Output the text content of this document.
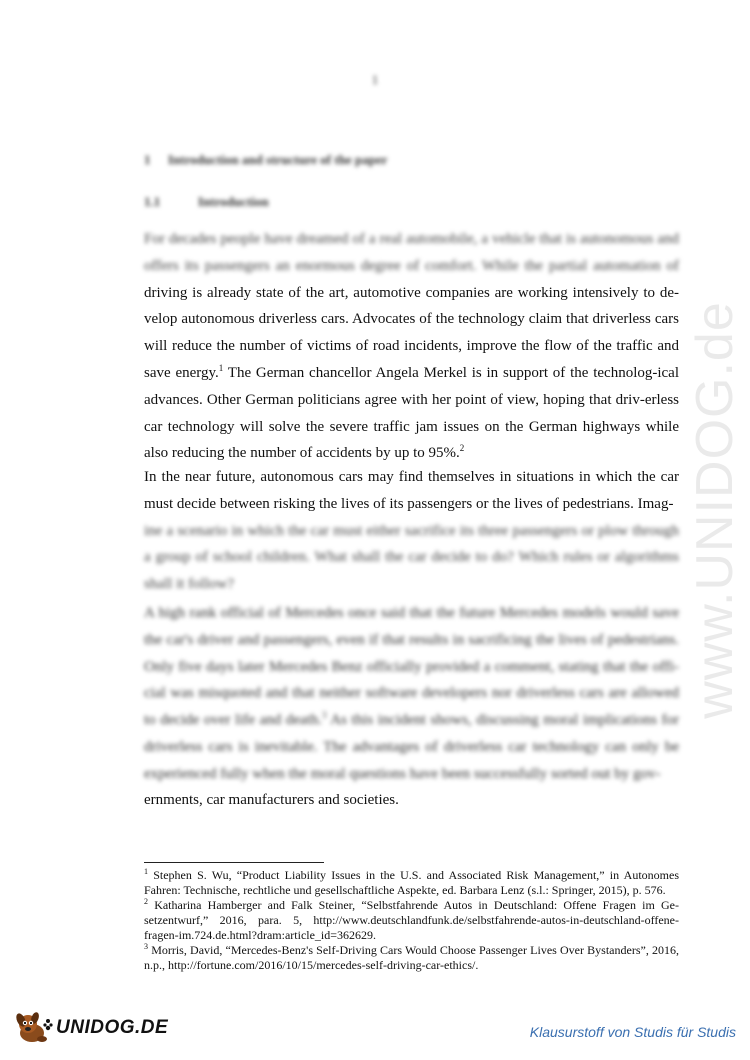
www.UNIDOG.de
1
1 Introduction and structure of the paper
1.1	Introduction
For decades people have dreamed of a real automobile, a vehicle that is autonomous and
offers its passengers an enormous degree of comfort. While the partial automation of
driving is already state of the art, automotive companies are working intensively to de-velop autonomous driverless cars. Advocates of the technology claim that driverless cars will reduce the number of victims of road incidents, improve the flow of the traffic and save energy.$^1$ The German chancellor Angela Merkel is in support of the technolog-ical advances. Other German politicians agree with her point of view, hoping that driv-erless car technology will solve the severe traffic jam issues on the German highways while also reducing the number of accidents by up to 95%.$^2$
In the near future, autonomous cars may find themselves in situations in which the car must decide between risking the lives of its passengers or the lives of pedestrians. Imag-
ine a scenario in which the car must either sacrifice its three passengers or plow through a group of school children. What shall the car decide to do? Which rules or algorithms shall it follow?
A high rank official of Mercedes once said that the future Mercedes models would save the car's driver and passengers, even if that results in sacrificing the lives of pedestrians. Only five days later Mercedes Benz officially provided a comment, stating that the offi-cial was misquoted and that neither software developers nor driverless cars are allowed to decide over life and death.$^3$ As this incident shows, discussing moral implications for driverless cars is inevitable. The advantages of driverless car technology can only be experienced fully when the moral questions have been successfully sorted out by gov-
ernments, car manufacturers and societies.

$^1$ Stephen S. Wu, “Product Liability Issues in the U.S. and Associated Risk Management,” in Autonomes Fahren: Technische, rechtliche und gesellschaftliche Aspekte, ed. Barbara Lenz (s.l.: Springer, 2015), p. 576.

$^2$ Katharina Hamberger and Falk Steiner, “Selbstfahrende Autos in Deutschland: Offene Fragen im Ge-setzentwurf,” 2016, para. 5, http://www.deutschlandfunk.de/selbstfahrende-autos-in-deutschland-offene-fragen-im.724.de.html?dram:article_id=362629.

$^3$ Morris, David, “Mercedes-Benz's Self-Driving Cars Would Choose Passenger Lives Over Bystanders”, 2016, n.p., http://fortune.com/2016/10/15/mercedes-self-driving-car-ethics/.

UNIDOG.DE	Klausurstoff von Studis für Studis
